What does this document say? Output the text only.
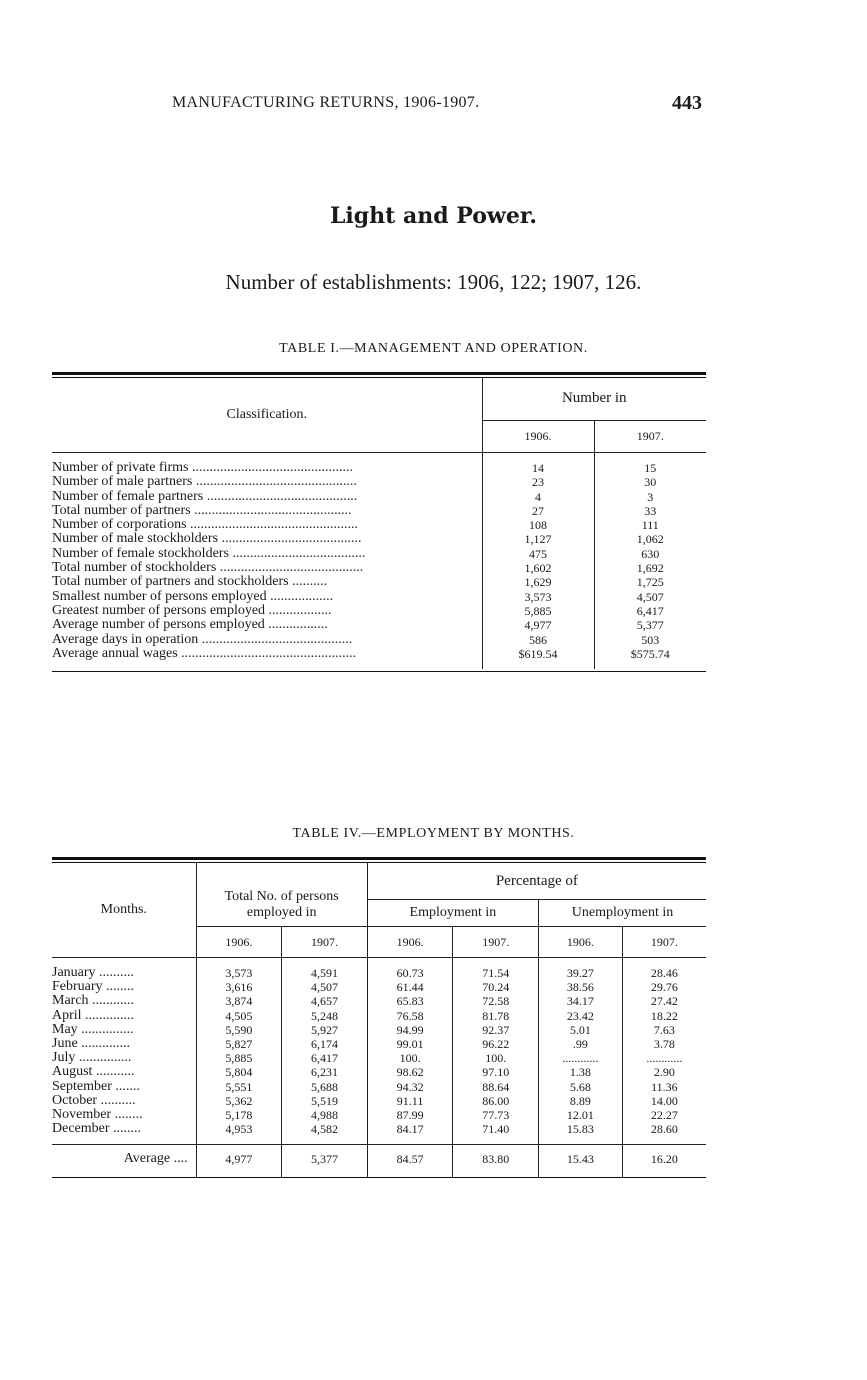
MANUFACTURING RETURNS, 1906-1907.	443
Light and Power.
Number of establishments: 1906, 122; 1907, 126.
TABLE I.—MANAGEMENT AND OPERATION.
Classification.	Number in	
	1906.	1907.
Number of private firms ..............................................	14	15
Number of male partners ..............................................	23	30
Number of female partners ...........................................	4	3
Total number of partners .............................................	27	33
Number of corporations ................................................	108	111
Number of male stockholders ........................................	1,127	1,062
Number of female stockholders ......................................	475	630
Total number of stockholders .........................................	1,602	1,692
Total number of partners and stockholders ..........	1,629	1,725
Smallest number of persons employed ..................	3,573	4,507
Greatest number of persons employed ..................	5,885	6,417
Average number of persons employed .................	4,977	5,377
Average days in operation ...........................................	586	503
Average annual wages ..................................................	$619.54	$575.74
TABLE IV.—EMPLOYMENT BY MONTHS.
Months.	Total No. of persons employed in		Percentage of			
			Employment in		Unemployment in	
	1906.	1907.	1906.	1907.	1906.	1907.
January ..........	3,573	4,591	60.73	71.54	39.27	28.46
February ........	3,616	4,507	61.44	70.24	38.56	29.76
March ............	3,874	4,657	65.83	72.58	34.17	27.42
April ..............	4,505	5,248	76.58	81.78	23.42	18.22
May ...............	5,590	5,927	94.99	92.37	5.01	7.63
June ..............	5,827	6,174	99.01	96.22	.99	3.78
July ...............	5,885	6,417	100.	100.	............	............
August ...........	5,804	6,231	98.62	97.10	1.38	2.90
September .......	5,551	5,688	94.32	88.64	5.68	11.36
October ..........	5,362	5,519	91.11	86.00	8.89	14.00
November ........	5,178	4,988	87.99	77.73	12.01	22.27
December ........	4,953	4,582	84.17	71.40	15.83	28.60
Average ....	4,977	5,377	84.57	83.80	15.43	16.20
